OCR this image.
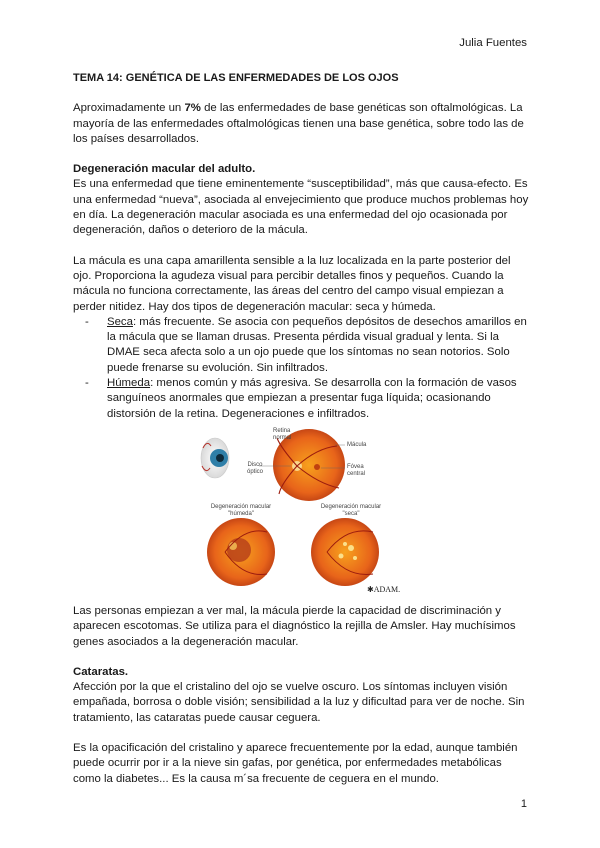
Julia Fuentes
TEMA 14: GENÉTICA DE LAS ENFERMEDADES DE LOS OJOS

Aproximadamente un 7% de las enfermedades de base genéticas son oftalmológicas. La mayoría de las enfermedades oftalmológicas tienen una base genética, sobre todo las de los países desarrollados.

Degeneración macular del adulto.

Es una enfermedad que tiene eminentemente “susceptibilidad”, más que causa-efecto. Es una enfermedad “nueva”, asociada al envejecimiento que produce muchos problemas hoy en día. La degeneración macular asociada es una enfermedad del ojo ocasionada por degeneración, daños o deterioro de la mácula.

La mácula es una capa amarillenta sensible a la luz localizada en la parte posterior del ojo. Proporciona la agudeza visual para percibir detalles finos y pequeños. Cuando la mácula no funciona correctamente, las áreas del centro del campo visual empiezan a perder nitidez. Hay dos tipos de degeneración macular: seca y húmeda.

- Seca: más frecuente. Se asocia con pequeños depósitos de desechos amarillos en la mácula que se llaman drusas. Presenta pérdida visual gradual y lenta. Si la DMAE seca afecta solo a un ojo puede que los síntomas no sean notorios. Solo puede frenarse su evolución. Sin infiltrados.
- Húmeda: menos común y más agresiva. Se desarrolla con la formación de vasos sanguíneos anormales que empiezan a presentar fuga líquida; ocasionando distorsión de la retina. Degeneraciones e infiltrados.
Retina normal
Mácula
Disco óptico
Fóvea central
Degeneración macular "húmeda"
Degeneración macular "seca"
✱ADAM.

Las personas empiezan a ver mal, la mácula pierde la capacidad de discriminación y aparecen escotomas. Se utiliza para el diagnóstico la rejilla de Amsler. Hay muchísimos genes asociados a la degeneración macular.

Cataratas.

Afección por la que el cristalino del ojo se vuelve oscuro. Los síntomas incluyen visión empañada, borrosa o doble visión; sensibilidad a la luz y dificultad para ver de noche. Sin tratamiento, las cataratas puede causar ceguera.

Es la opacificación del cristalino y aparece frecuentemente por la edad, aunque también puede ocurrir por ir a la nieve sin gafas, por genética, por enfermedades metabólicas como la diabetes... Es la causa m´sa frecuente de ceguera en el mundo.

1
